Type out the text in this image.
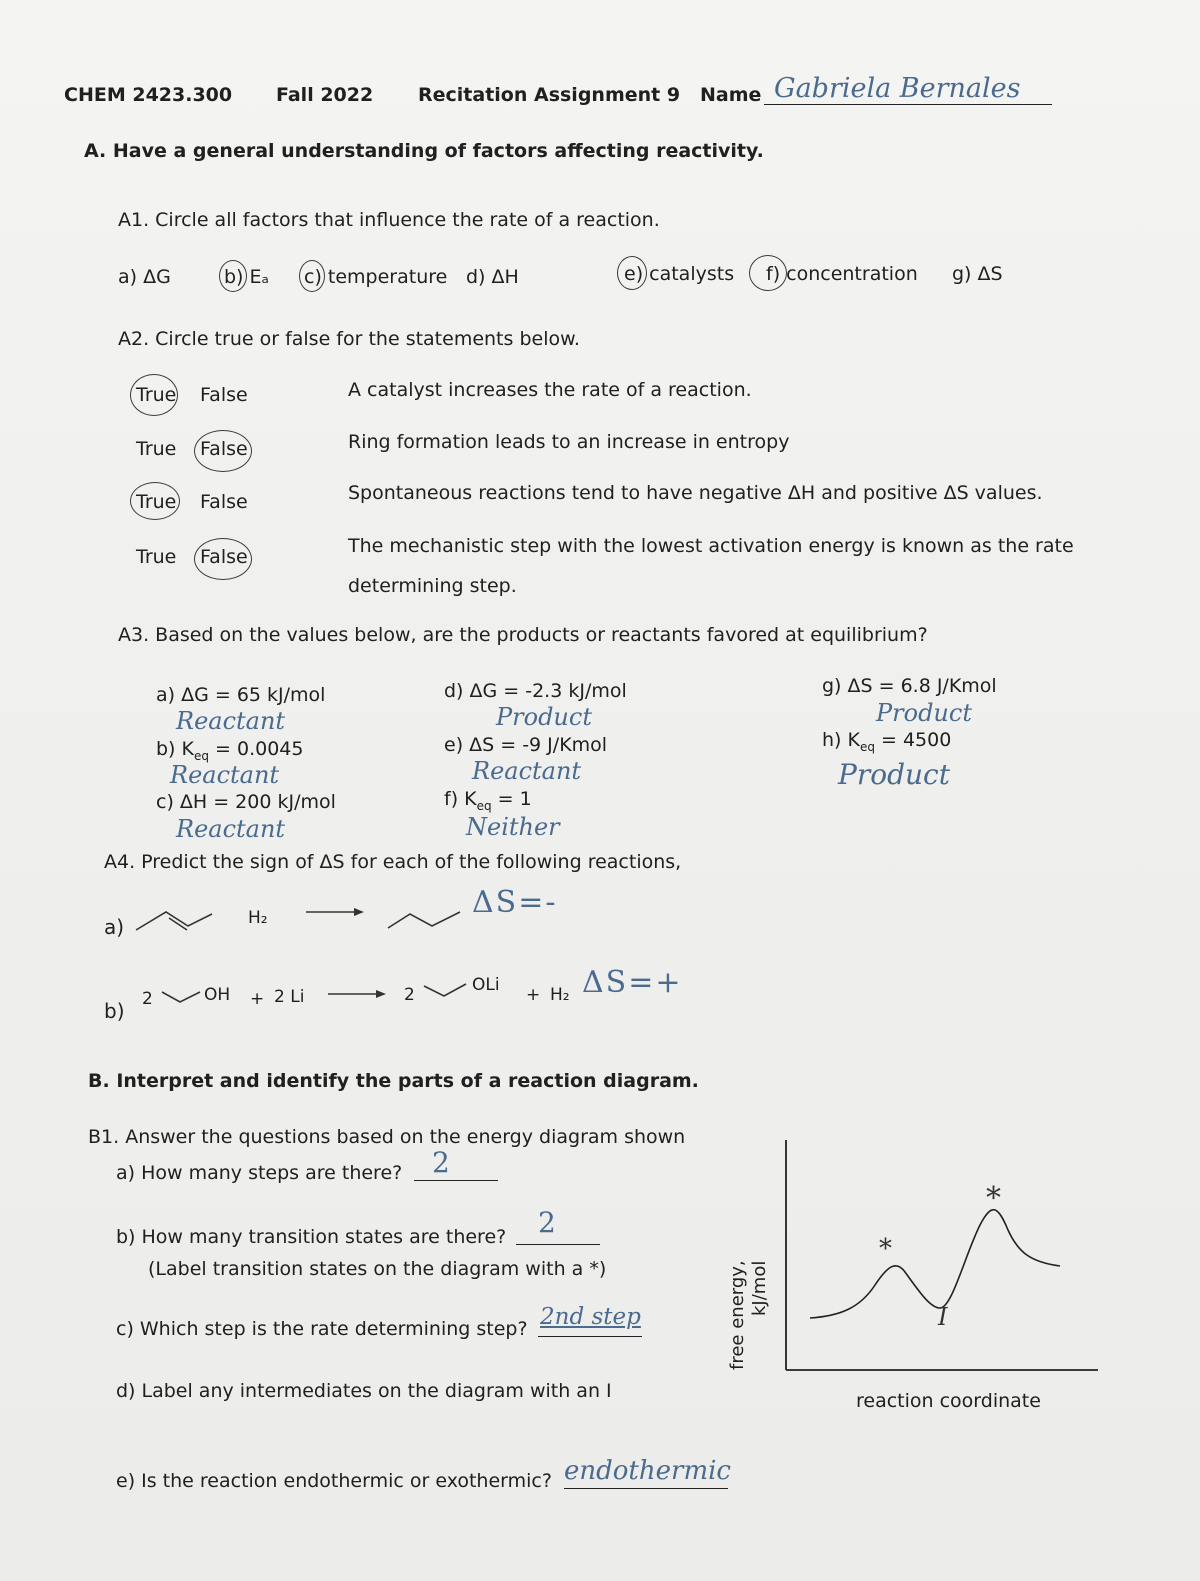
CHEM 2423.300 Fall 2022 Recitation Assignment 9 Name Gabriela Bernales
A. Have a general understanding of factors affecting reactivity.
A1. Circle all factors that influence the rate of a reaction.
a) ΔG	b) Eₐ c) temperature d) ΔH	e) catalysts f) concentration g) ΔS
A2. Circle true or false for the statements below.
True False	A catalyst increases the rate of a reaction.
True False	Ring formation leads to an increase in entropy
True False	Spontaneous reactions tend to have negative ΔH and positive ΔS values.
True False	The mechanistic step with the lowest activation energy is known as the rate
determining step.
A3. Based on the values below, are the products or reactants favored at equilibrium?
a) ΔG = 65 kJ/mol
Reactant
b) $K_{eq} = 0.0045$
Reactant
c) ΔH = 200 kJ/mol
Reactant
d) ΔG = -2.3 kJ/mol
Product
e) ΔS = -9 J/Kmol
Reactant
f) $K_{eq} = 1$
Neither
g) ΔS = 6.8 J/Kmol
Product
h) $K_{eq} = 4500$
Product
A4. Predict the sign of ΔS for each of the following reactions,
a)	H₂	ΔS=-
b) 2	OH + 2 Li → 2	OLi + H₂ ΔS=+
B. Interpret and identify the parts of a reaction diagram.
B1. Answer the questions based on the energy diagram shown
a) How many steps are there? 2
b) How many transition states are there? 2
(Label transition states on the diagram with a *)
c) Which step is the rate determining step? 2nd step
d) Label any intermediates on the diagram with an I
e) Is the reaction endothermic or exothermic? endothermic
*
*
I
free energy, kJ/mol
reaction coordinate
